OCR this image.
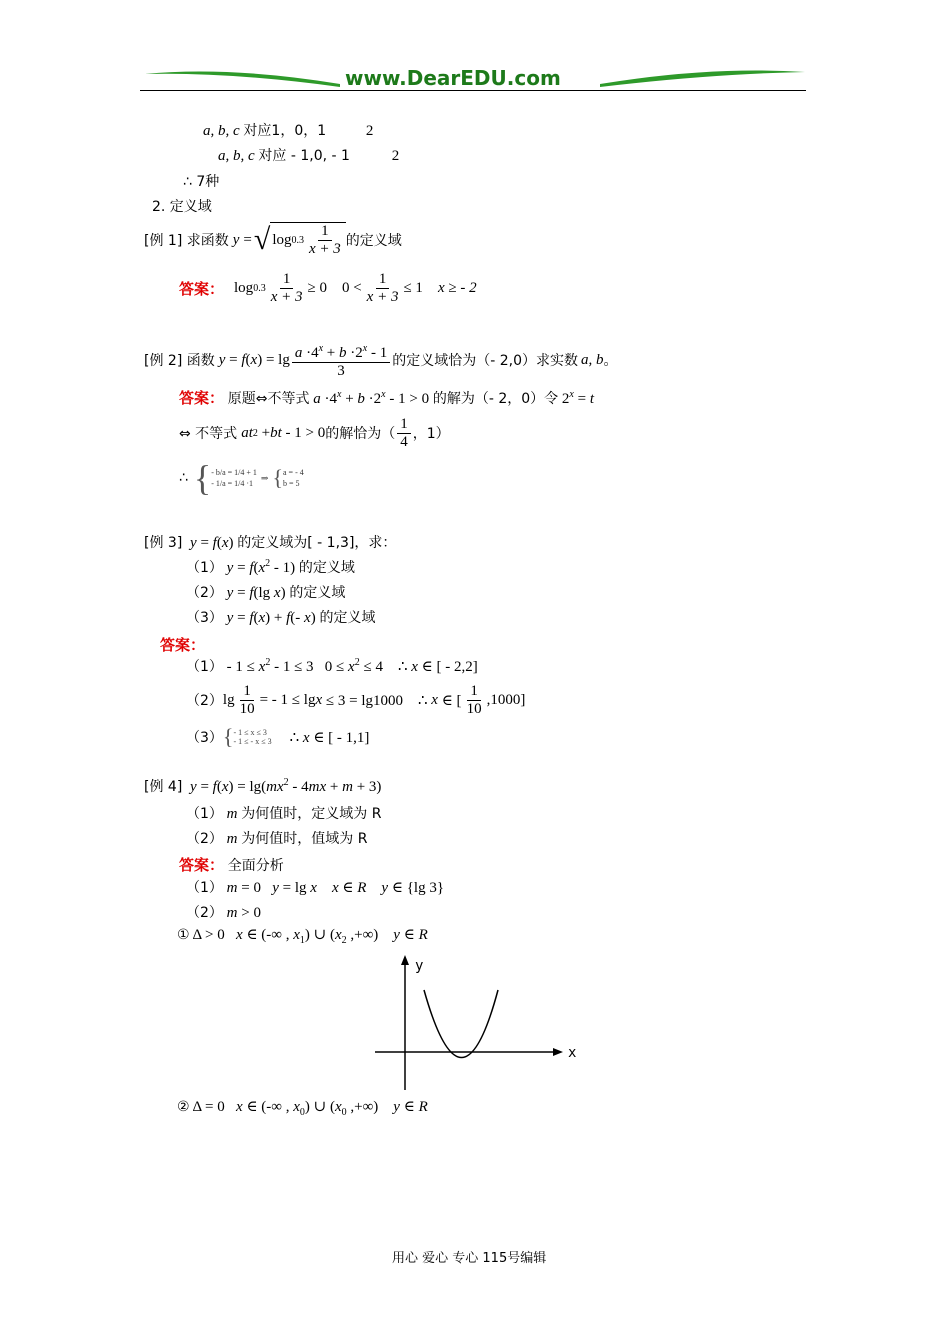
www.DearEDU.com
a, b, c 对应1，0，1	2
a, b, c 对应 - 1,0, - 1	2
∴ 7种
2. 定义域
[例 1] 求函数 y = √ $\log 0.3 \frac{1}{x + 3}$ 的定义域
答案： $\log 0.3 \frac{1}{x + 3} \ge 0$    $0 < \frac{1}{x + 3} \le 1$ x ≥ - 2
[例 2] 函数 y = f ( x ) = $\lg \frac{a \cdot 4^x + b \cdot 2^x - 1}{3}$ 的定义域恰为（- 2,0）求实数 a, b 。
答案： 原题⇔不等式 $a \cdot 4^x + b \cdot 2^x - 1 > 0$ 的解为（- 2，0）令 $2^x = t$
⇔ 不等式 at 2 + bt - 1 > 0 的解恰为（ $\frac{1}{4}$ ，1）
∴ { - b/a = 1/4 + 1
- 1/a = 1/4 ·1
⇒ { a = - 4
b = 5
[例 3] y = f(x) 的定义域为[ - 1,3]，求：
（1） $y = f(x^2 - 1)$ 的定义域
（2） y = f(lg x) 的定义域
（3） y = f(x) + f(- x) 的定义域
答案：
$(1) - 1 \le x^2 - 1 \le 3$   $0 \le x^2 \le 4$    ∴ x ∈ [ - 2,2]
（2） $\lg \frac{1}{10}$ = - 1 ≤ lg x ≤ 3 = lg1000    ∴ x ∈ [ $\frac{1}{10} ,1000$]
（3） { - 1 ≤ x ≤ 3
- 1 ≤ - x ≤ 3 ∴ x ∈ [ - 1,1]
[例 4] $y = f(x) = \lg(mx^2 - 4mx + m + 3)$
（1） m 为何值时，定义域为 R
（2） m 为何值时，值域为 R
答案： 全面分析
（1） m = 0   y = lg x x ∈ R y ∈ {lg 3}
（2） m > 0
① Δ > 0   x ∈ (-∞ , $x_1$) ∪ ($x_2$ ,+∞)    y ∈ R
y
x
② Δ = 0   x ∈ (-∞ , $x_0$) ∪ ($x_0$ ,+∞)    y ∈ R
用心 爱心 专心 115号编辑
